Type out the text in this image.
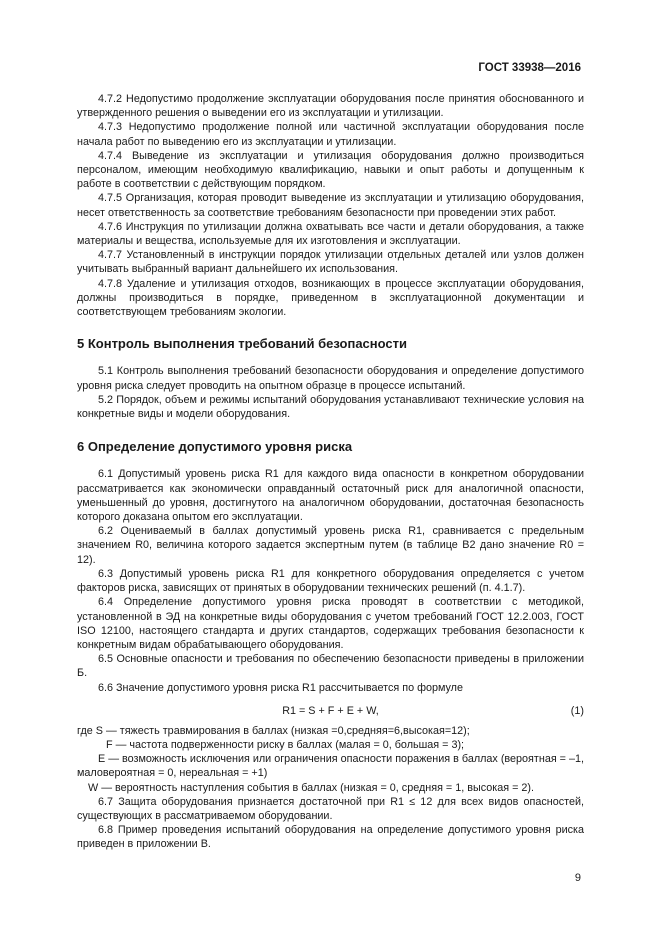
ГОСТ 33938—2016

4.7.2 Недопустимо продолжение эксплуатации оборудования после принятия обоснованного и утвержденного решения о выведении его из эксплуатации и утилизации.

4.7.3 Недопустимо продолжение полной или частичной эксплуатации оборудования после начала работ по выведению его из эксплуатации и утилизации.

4.7.4 Выведение из эксплуатации и утилизация оборудования должно производиться персоналом, имеющим необходимую квалификацию, навыки и опыт работы и допущенным к работе в соответствии с действующим порядком.

4.7.5 Организация, которая проводит выведение из эксплуатации и утилизацию оборудования, несет ответственность за соответствие требованиям безопасности при проведении этих работ.

4.7.6 Инструкция по утилизации должна охватывать все части и детали оборудования, а также материалы и вещества, используемые для их изготовления и эксплуатации.

4.7.7 Установленный в инструкции порядок утилизации отдельных деталей или узлов должен учитывать выбранный вариант дальнейшего их использования.

4.7.8 Удаление и утилизация отходов, возникающих в процессе эксплуатации оборудования, должны производиться в порядке, приведенном в эксплуатационной документации и соответствующем требованиям экологии.

5 Контроль выполнения требований безопасности

5.1 Контроль выполнения требований безопасности оборудования и определение допустимого уровня риска следует проводить на опытном образце в процессе испытаний.

5.2 Порядок, объем и режимы испытаний оборудования устанавливают технические условия на конкретные виды и модели оборудования.

6 Определение допустимого уровня риска

6.1 Допустимый уровень риска R1 для каждого вида опасности в конкретном оборудовании рассматривается как экономически оправданный остаточный риск для аналогичной опасности, уменьшенный до уровня, достигнутого на аналогичном оборудовании, достаточная безопасность которого доказана опытом его эксплуатации.

6.2 Оцениваемый в баллах допустимый уровень риска R1, сравнивается с предельным значением R0, величина которого задается экспертным путем (в таблице В2 дано значение R0 = 12).

6.3 Допустимый уровень риска R1 для конкретного оборудования определяется с учетом факторов риска, зависящих от принятых в оборудовании технических решений (п. 4.1.7).

6.4 Определение допустимого уровня риска проводят в соответствии с методикой, установленной в ЭД на конкретные виды оборудования с учетом требований ГОСТ 12.2.003, ГОСТ ISO 12100, настоящего стандарта и других стандартов, содержащих требования безопасности к конкретным видам обрабатывающего оборудования.

6.5 Основные опасности и требования по обеспечению безопасности приведены в приложении Б.

6.6 Значение допустимого уровня риска R1 рассчитывается по формуле

R1 = S + F + E + W,	(1)

где S — тяжесть травмирования в баллах (низкая =0,средняя=6,высокая=12);

F — частота подверженности риску в баллах (малая = 0, большая = 3);

E — возможность исключения или ограничения опасности поражения в баллах (вероятная = –1, маловероятная = 0, нереальная = +1)

W — вероятность наступления события в баллах (низкая = 0, средняя = 1, высокая = 2).

6.7 Защита оборудования признается достаточной при R1 ≤ 12 для всех видов опасностей, существующих в рассматриваемом оборудовании.

6.8 Пример проведения испытаний оборудования на определение допустимого уровня риска приведен в приложении В.

9
